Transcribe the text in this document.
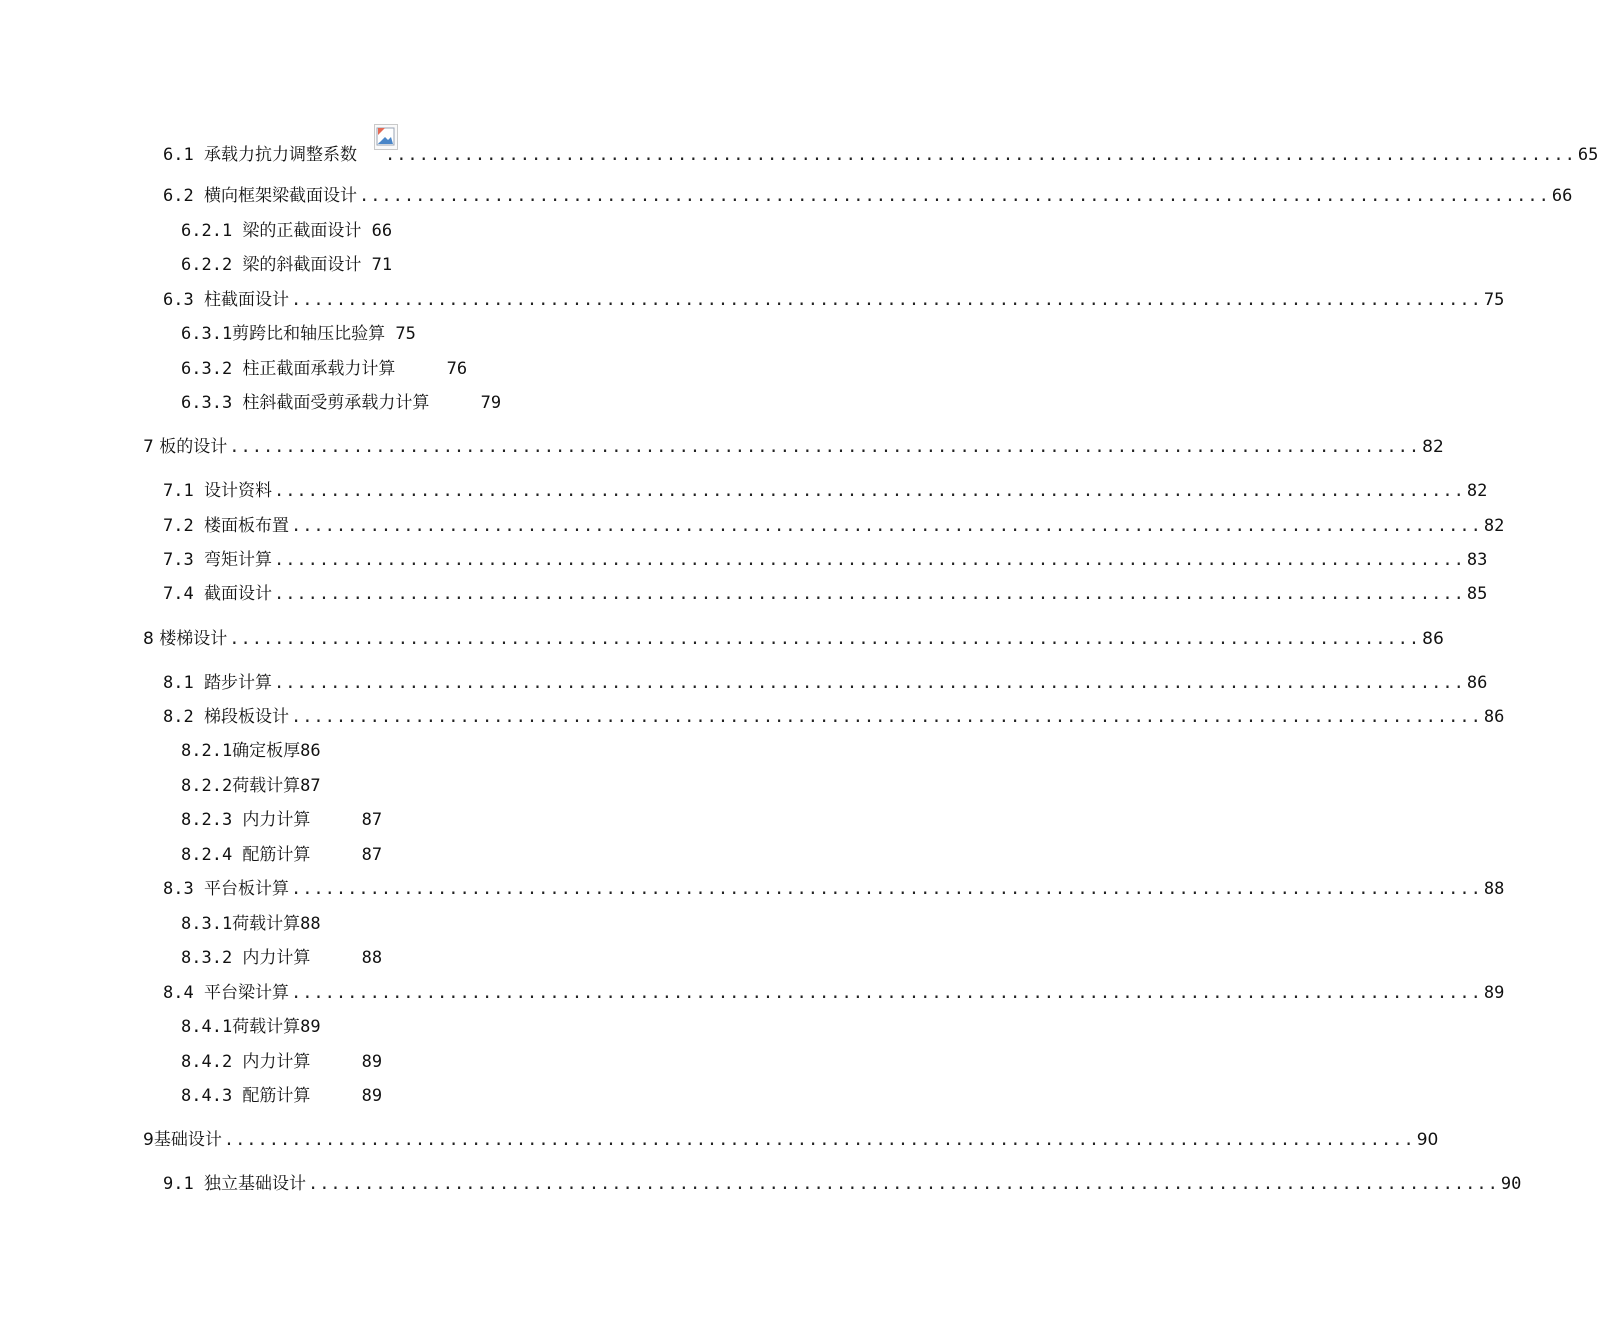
6.1 承载力抗力调整系数	.......................................................................................................... 65
6.2 横向框架梁截面设计 .......................................................................................................... 66
6.2.1 梁的正截面设计 66
6.2.2 梁的斜截面设计 71
6.3 柱截面设计 .......................................................................................................... 75
6.3.1剪跨比和轴压比验算 75
6.3.2 柱正截面承载力计算     76
6.3.3 柱斜截面受剪承载力计算     79
7 板的设计 .......................................................................................................... 82
7.1 设计资料 .......................................................................................................... 82
7.2 楼面板布置 .......................................................................................................... 82
7.3 弯矩计算 .......................................................................................................... 83
7.4 截面设计 .......................................................................................................... 85
8 楼梯设计 .......................................................................................................... 86
8.1 踏步计算 .......................................................................................................... 86
8.2 梯段板设计 .......................................................................................................... 86
8.2.1确定板厚86
8.2.2荷载计算87
8.2.3 内力计算     87
8.2.4 配筋计算     87
8.3 平台板计算 .......................................................................................................... 88
8.3.1荷载计算88
8.3.2 内力计算     88
8.4 平台梁计算 .......................................................................................................... 89
8.4.1荷载计算89
8.4.2 内力计算     89
8.4.3 配筋计算     89
9基础设计 .......................................................................................................... 90
9.1 独立基础设计 .......................................................................................................... 90
